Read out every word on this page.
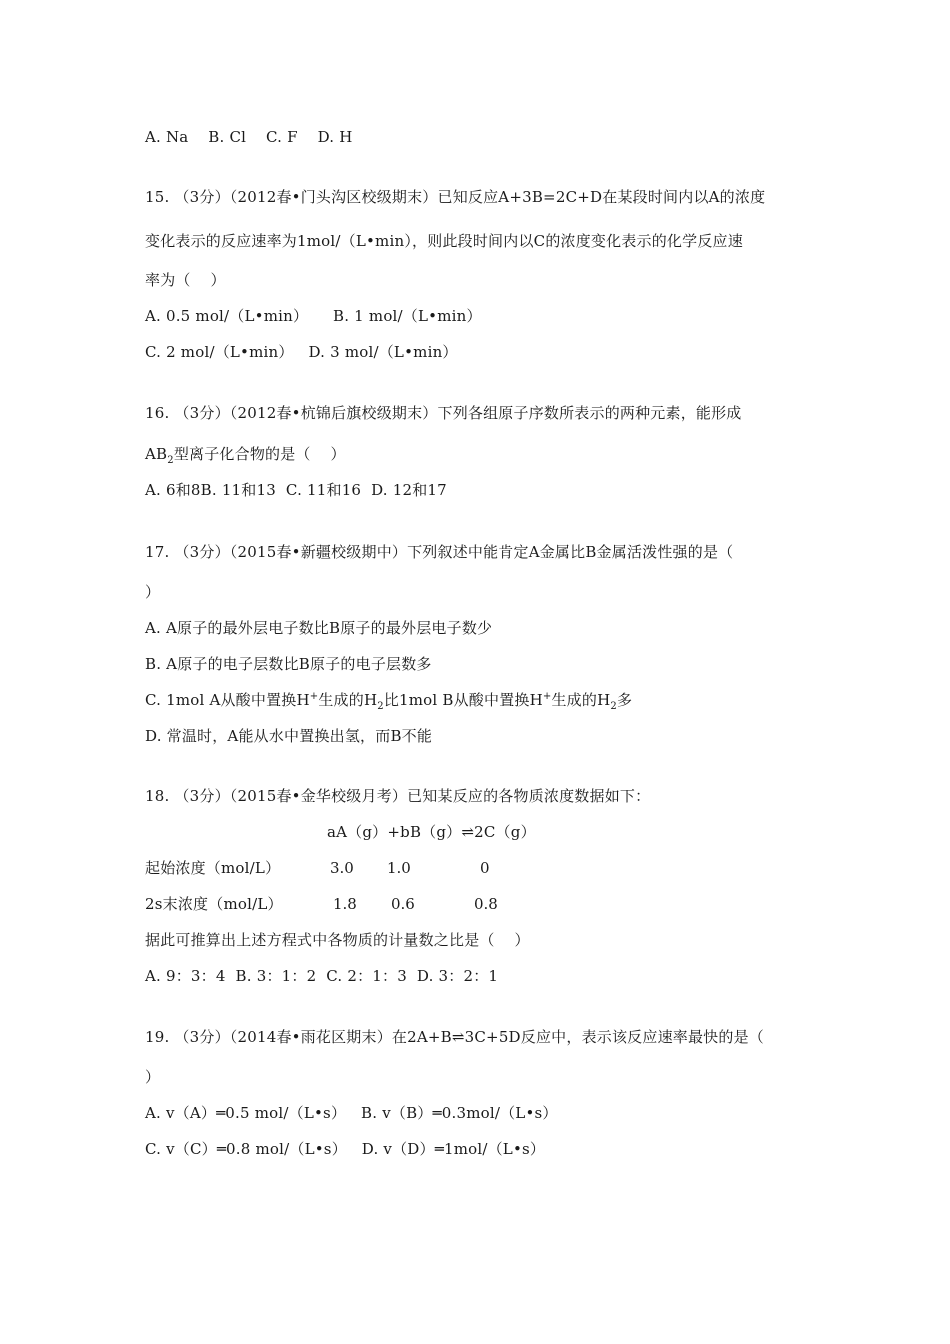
A. Na    B. Cl    C. F    D. H
15. （3分）（2012春•门头沟区校级期末）已知反应A+3B=2C+D在某段时间内以A的浓度
变化表示的反应速率为1mol/（L•min），则此段时间内以C的浓度变化表示的化学反应速
率为（    ）
A. 0.5 mol/（L•min）     B. 1 mol/（L•min）
C. 2 mol/（L•min）   D. 3 mol/（L•min）
16. （3分）（2012春•杭锦后旗校级期末）下列各组原子序数所表示的两种元素，能形成
$AB_2$型离子化合物的是（    ）
A. 6和8B. 11和13  C. 11和16  D. 12和17
17. （3分）（2015春•新疆校级期中）下列叙述中能肯定A金属比B金属活泼性强的是（
）
A. A原子的最外层电子数比B原子的最外层电子数少
B. A原子的电子层数比B原子的电子层数多
C. 1mol A从酸中置换H+生成的$H_2$比1mol B从酸中置换H+生成的$H_2$多
D. 常温时，A能从水中置换出氢，而B不能
18. （3分）（2015春•金华校级月考）已知某反应的各物质浓度数据如下：
aA（g）+bB（g）⇌2C（g）
起始浓度（mol/L）	3.0 1.0	0
2s末浓度（mol/L）	1.8 0.6	0.8
据此可推算出上述方程式中各物质的计量数之比是（    ）
A. 9：3：4  B. 3：1：2  C. 2：1：3  D. 3：2：1
19. （3分）（2014春•雨花区期末）在2A+B⇌3C+5D反应中，表示该反应速率最快的是（
）
A. v（A）═0.5 mol/（L•s）   B. v（B）═0.3mol/（L•s）
C. v（C）═0.8 mol/（L•s）   D. v（D）═1mol/（L•s）
